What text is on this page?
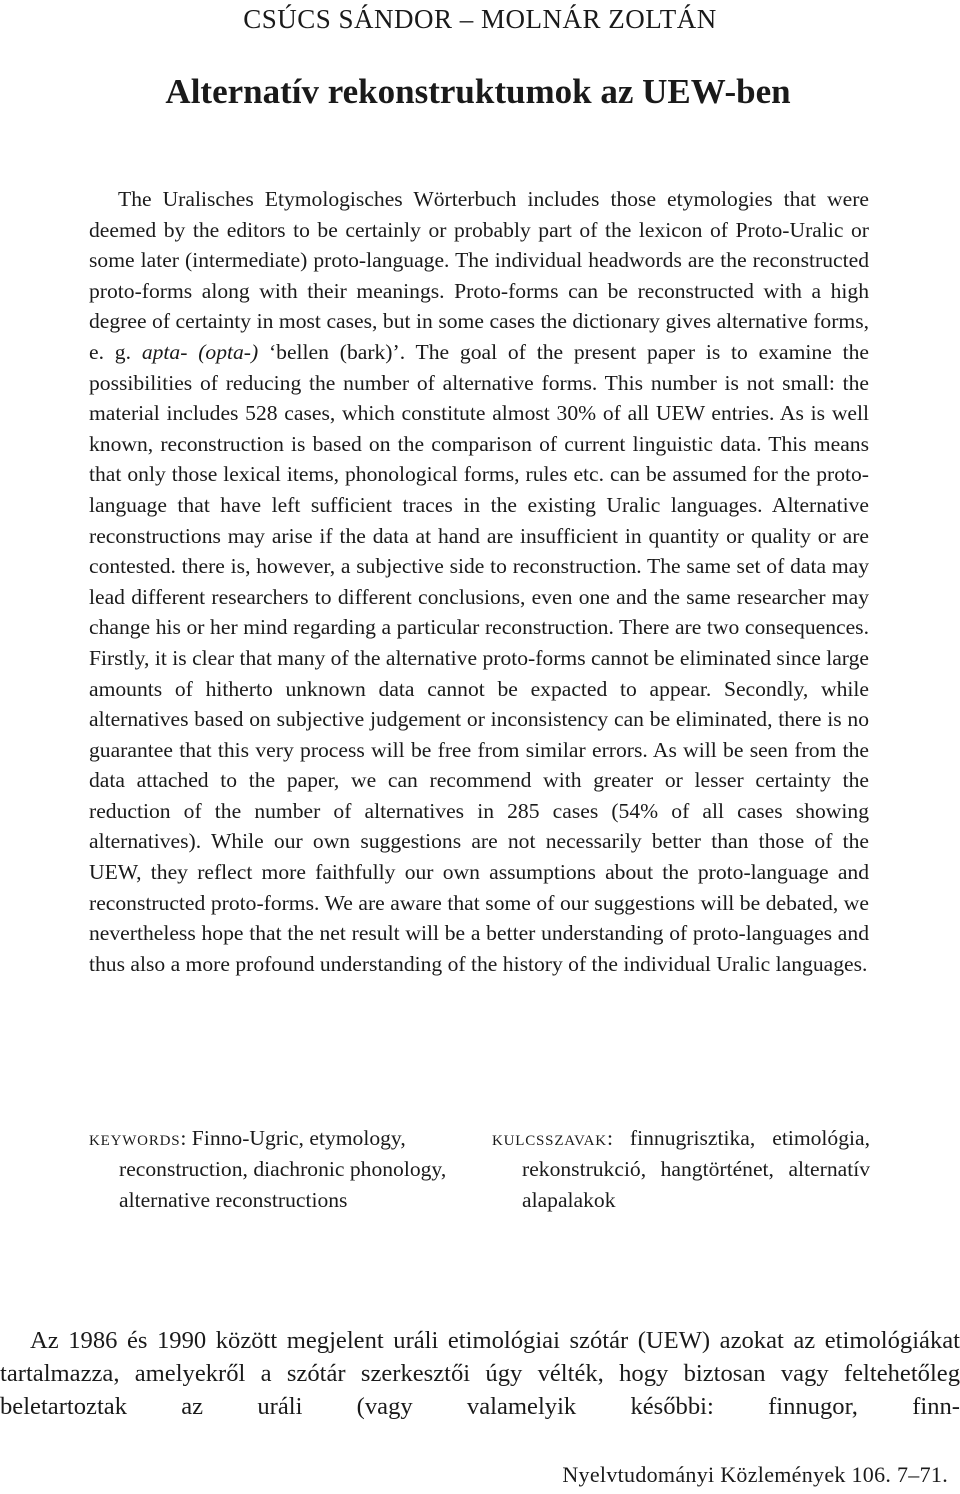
CSÚCS SÁNDOR – MOLNÁR ZOLTÁN
Alternatív rekonstruktumok az UEW-ben
The Uralisches Etymologisches Wörterbuch includes those etymologies that were deemed by the editors to be certainly or probably part of the lexicon of Proto-Uralic or some later (intermediate) proto-language. The individual headwords are the reconstructed proto-forms along with their meanings. Proto-forms can be reconstructed with a high degree of certainty in most cases, but in some cases the dictionary gives alternative forms, e. g. apta- (opta-) ‘bellen (bark)’. The goal of the present paper is to examine the possibilities of reducing the number of alternative forms. This number is not small: the material includes 528 cases, which constitute almost 30% of all UEW entries. As is well known, reconstruction is based on the comparison of current linguistic data. This means that only those lexical items, phonological forms, rules etc. can be assumed for the proto-language that have left sufficient traces in the existing Uralic languages. Alternative reconstructions may arise if the data at hand are insufficient in quantity or quality or are contested. there is, however, a subjective side to reconstruction. The same set of data may lead different researchers to different conclusions, even one and the same researcher may change his or her mind regarding a particular reconstruction. There are two consequences. Firstly, it is clear that many of the alternative proto-forms cannot be eliminated since large amounts of hitherto unknown data cannot be expacted to appear. Secondly, while alternatives based on subjective judgement or inconsistency can be eliminated, there is no guarantee that this very process will be free from similar errors. As will be seen from the data attached to the paper, we can recommend with greater or lesser certainty the reduction of the number of alternatives in 285 cases (54% of all cases showing alternatives). While our own suggestions are not necessarily better than those of the UEW, they reflect more faithfully our own assumptions about the proto-language and reconstructed proto-forms. We are aware that some of our suggestions will be debated, we nevertheless hope that the net result will be a better understanding of proto-languages and thus also a more profound understanding of the history of the individual Uralic languages.

keywords: Finno-Ugric, etymology, reconstruction, diachronic phonology, alternative reconstructions

kulcsszavak: finnugrisztika, etimológia, rekonstrukció, hangtörténet, alternatív alapalakok

Az 1986 és 1990 között megjelent uráli etimológiai szótár (UEW) azokat az etimológiákat tartalmazza, amelyekről a szótár szerkesztői úgy vélték, hogy biztosan vagy feltehetőleg beletartoztak az uráli (vagy valamelyik későbbi: finnugor, finn-

Nyelvtudományi Közlemények 106. 7–71.
